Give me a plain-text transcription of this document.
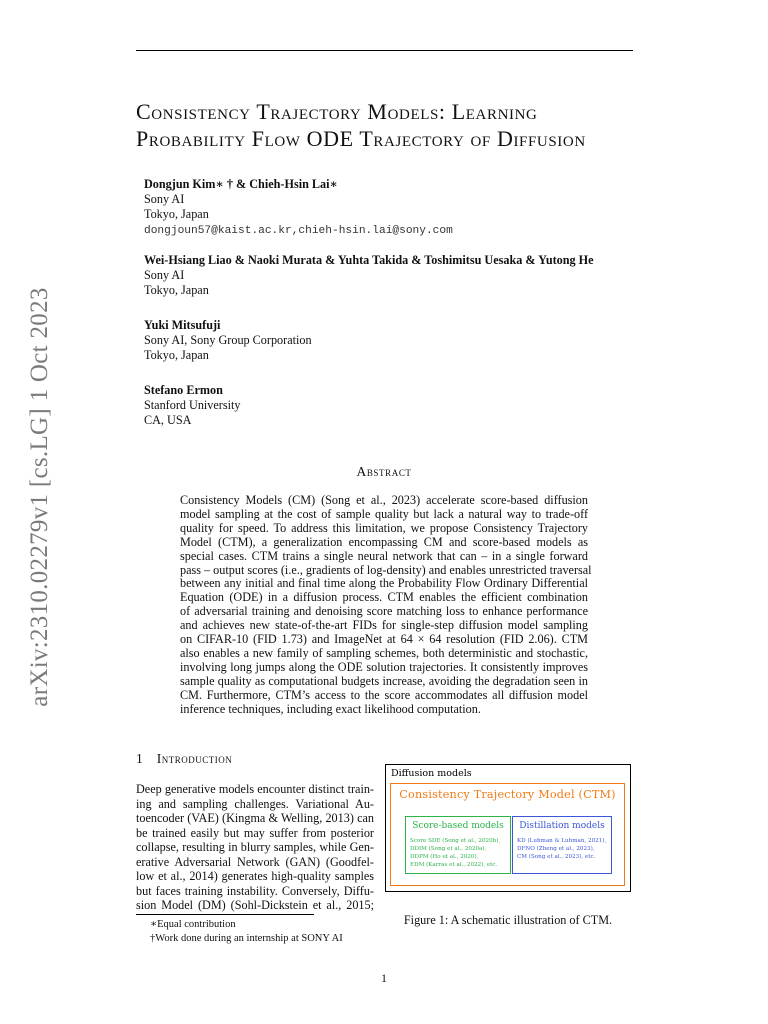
arXiv:2310.02279v1 [cs.LG] 1 Oct 2023
Consistency Trajectory Models: Learning
Probability Flow ODE Trajectory of Diffusion
Dongjun Kim∗ † & Chieh-Hsin Lai∗
Sony AI
Tokyo, Japan
dongjoun57@kaist.ac.kr,chieh-hsin.lai@sony.com
Wei-Hsiang Liao & Naoki Murata & Yuhta Takida & Toshimitsu Uesaka & Yutong He
Sony AI
Tokyo, Japan
Yuki Mitsufuji
Sony AI, Sony Group Corporation
Tokyo, Japan
Stefano Ermon
Stanford University
CA, USA
Abstract
Consistency Models (CM) (Song et al., 2023) accelerate score-based diffusion
model sampling at the cost of sample quality but lack a natural way to trade-off
quality for speed. To address this limitation, we propose Consistency Trajectory
Model (CTM), a generalization encompassing CM and score-based models as
special cases. CTM trains a single neural network that can – in a single forward
pass – output scores (i.e., gradients of log-density) and enables unrestricted traversal
between any initial and final time along the Probability Flow Ordinary Differential
Equation (ODE) in a diffusion process. CTM enables the efficient combination
of adversarial training and denoising score matching loss to enhance performance
and achieves new state-of-the-art FIDs for single-step diffusion model sampling
on CIFAR-10 (FID 1.73) and ImageNet at 64 × 64 resolution (FID 2.06). CTM
also enables a new family of sampling schemes, both deterministic and stochastic,
involving long jumps along the ODE solution trajectories. It consistently improves
sample quality as computational budgets increase, avoiding the degradation seen in
CM. Furthermore, CTM’s access to the score accommodates all diffusion model
inference techniques, including exact likelihood computation.
1 Introduction
Deep generative models encounter distinct train-
ing and sampling challenges. Variational Au-
toencoder (VAE) (Kingma & Welling, 2013) can
be trained easily but may suffer from posterior
collapse, resulting in blurry samples, while Gen-
erative Adversarial Network (GAN) (Goodfel-
low et al., 2014) generates high-quality samples
but faces training instability. Conversely, Diffu-
sion Model (DM) (Sohl-Dickstein et al., 2015;
Diffusion models
Consistency Trajectory Model (CTM)
Score-based models
Score SDE (Song et al., 2020b),
DDIM (Song et al., 2020a),
DDPM (Ho et al., 2020),
EDM (Karras et al., 2022), etc.
Distillation models
KD (Luhman & Luhman, 2021),
DFNO (Zheng et al., 2023),
CM (Song et al., 2023), etc.
Figure 1: A schematic illustration of CTM.
∗Equal contribution
†Work done during an internship at SONY AI
1
